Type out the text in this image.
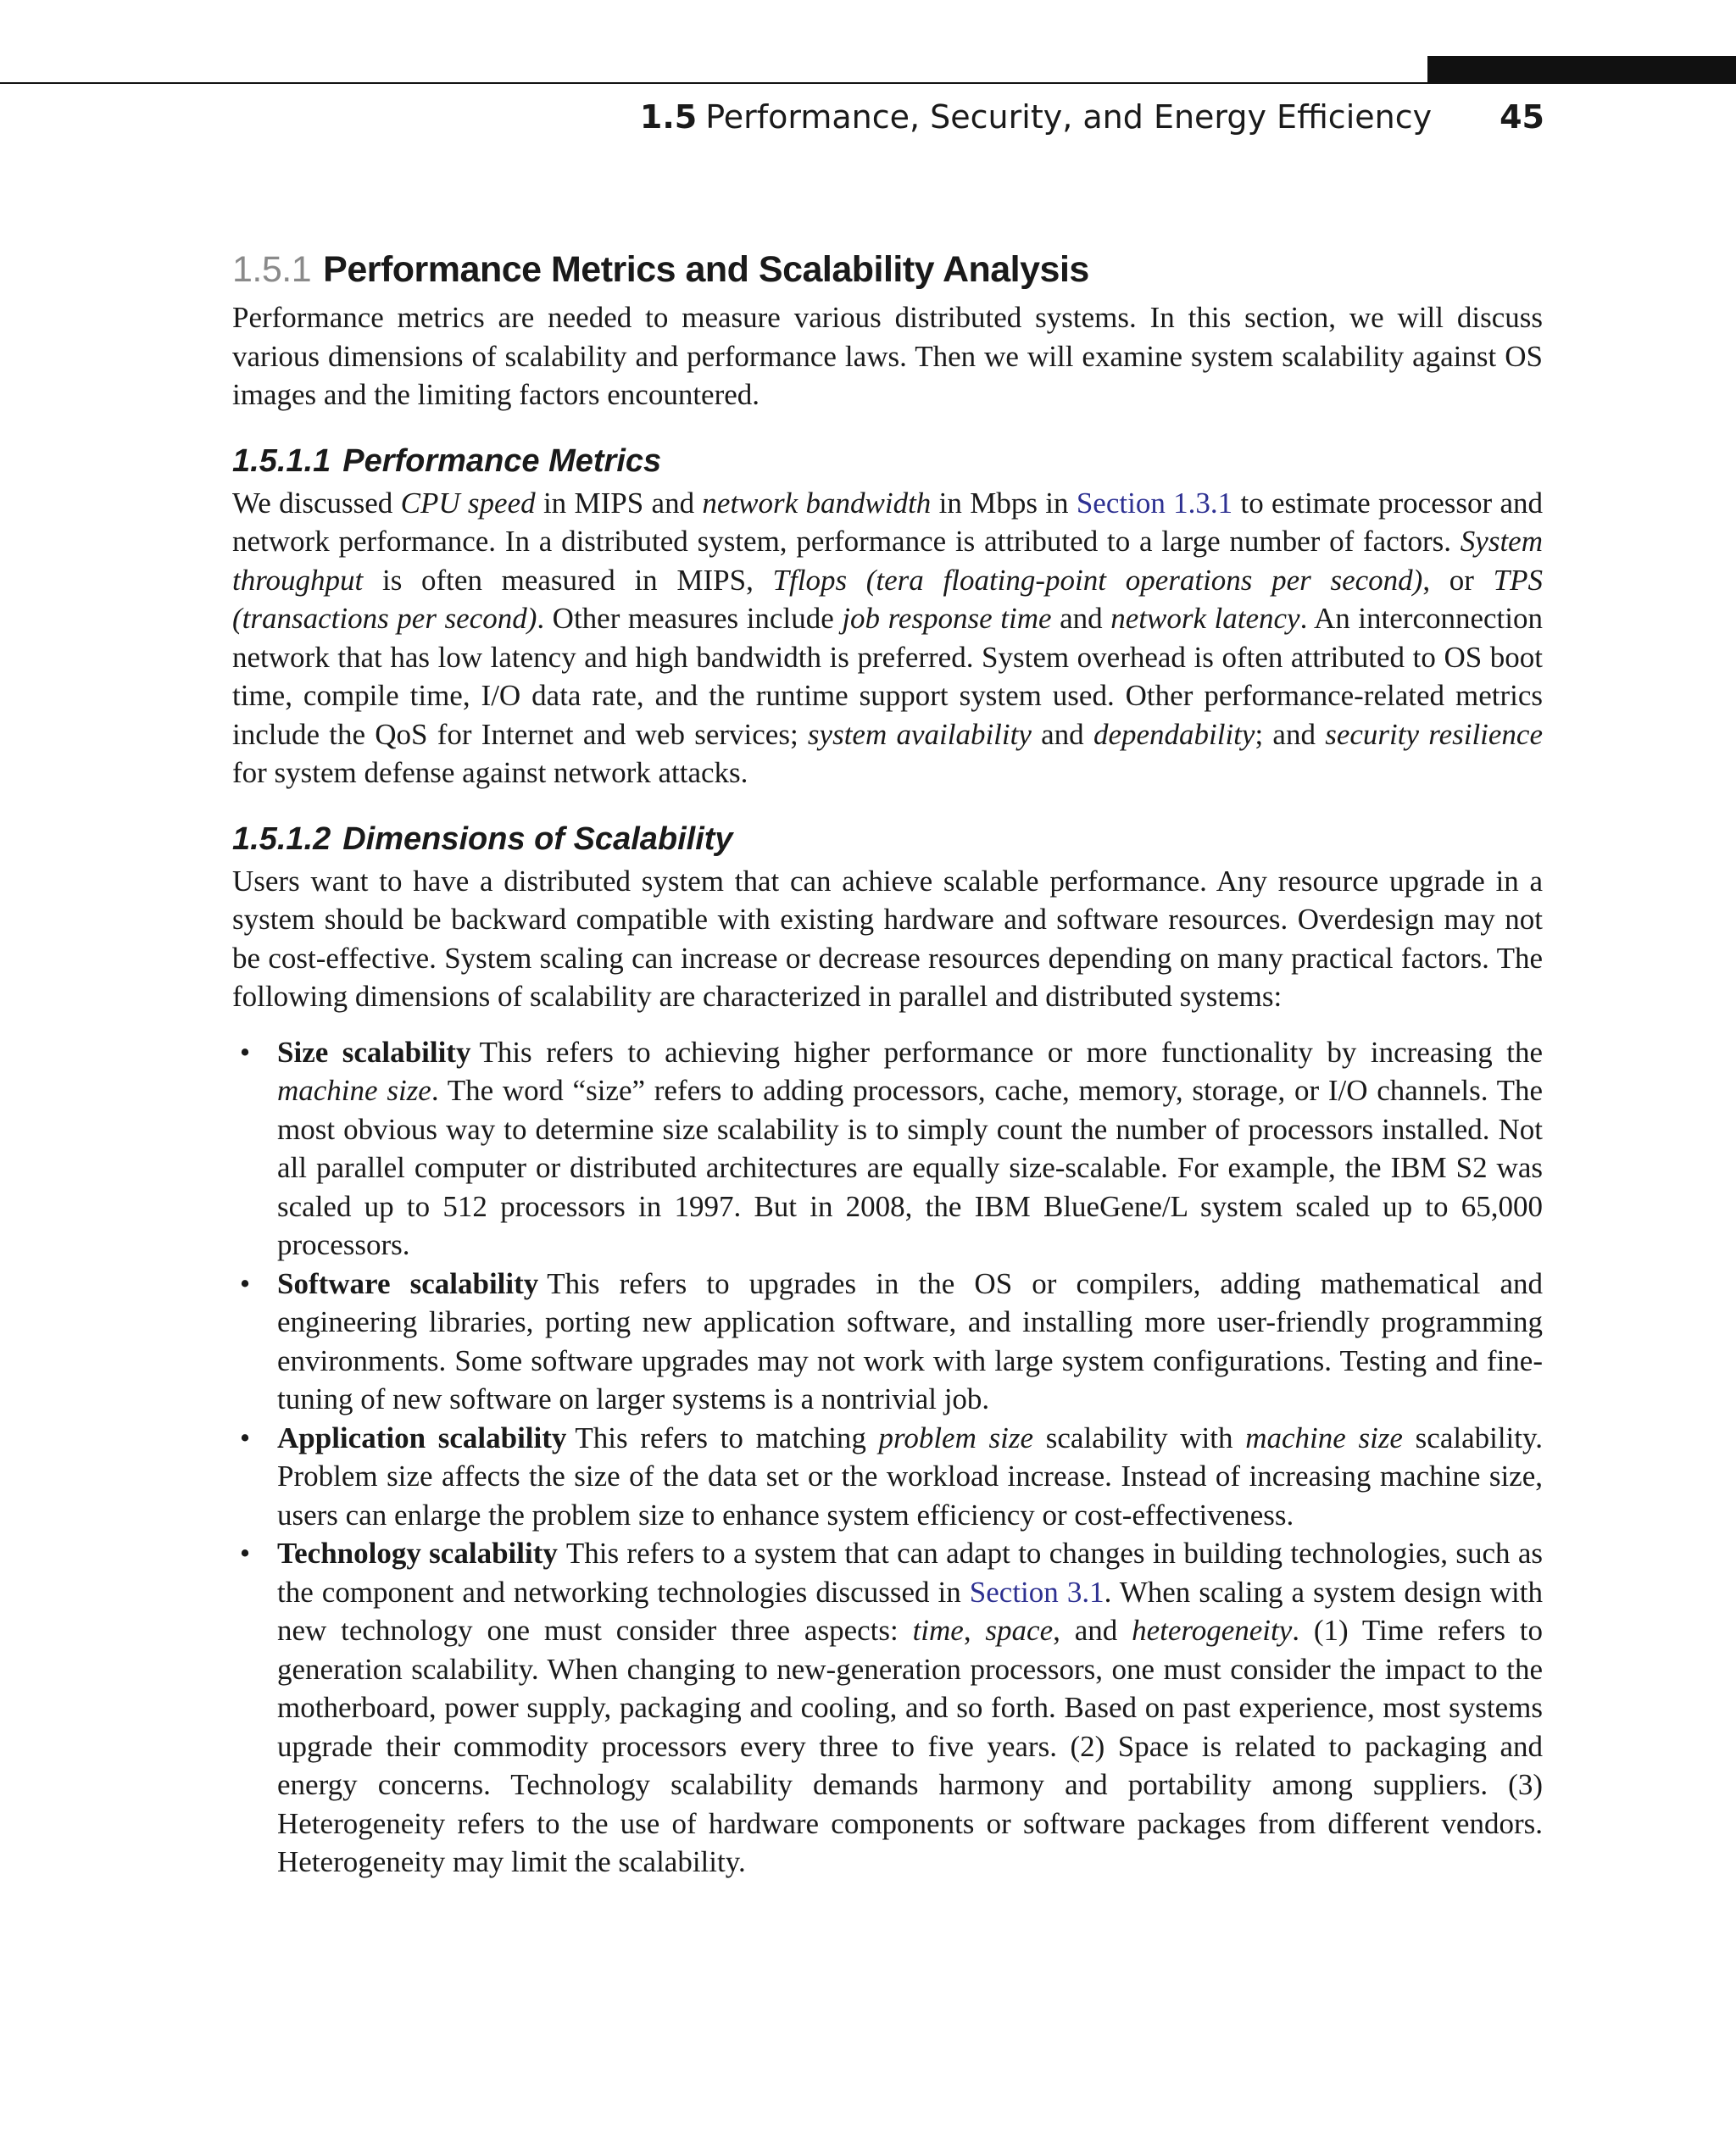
1.5 Performance, Security, and Energy Efficiency 45
1.5.1 Performance Metrics and Scalability Analysis

Performance metrics are needed to measure various distributed systems. In this section, we will discuss various dimensions of scalability and performance laws. Then we will examine system scalability against OS images and the limiting factors encountered.

1.5.1.1 Performance Metrics

We discussed CPU speed in MIPS and network bandwidth in Mbps in Section 1.3.1 to estimate processor and network performance. In a distributed system, performance is attributed to a large number of factors. System throughput is often measured in MIPS, Tflops (tera floating-point operations per second), or TPS (transactions per second). Other measures include job response time and network latency. An interconnection network that has low latency and high bandwidth is preferred. System overhead is often attributed to OS boot time, compile time, I/O data rate, and the runtime support system used. Other performance-related metrics include the QoS for Internet and web services; system availability and dependability; and security resilience for system defense against network attacks.

1.5.1.2 Dimensions of Scalability

Users want to have a distributed system that can achieve scalable performance. Any resource upgrade in a system should be backward compatible with existing hardware and software resources. Overdesign may not be cost-effective. System scaling can increase or decrease resources depending on many practical factors. The following dimensions of scalability are characterized in parallel and distributed systems:

• Size scalability This refers to achieving higher performance or more functionality by increasing the machine size. The word “size” refers to adding processors, cache, memory, storage, or I/O channels. The most obvious way to determine size scalability is to simply count the number of processors installed. Not all parallel computer or distributed architectures are equally size-scalable. For example, the IBM S2 was scaled up to 512 processors in 1997. But in 2008, the IBM BlueGene/L system scaled up to 65,000 processors.
• Software scalability This refers to upgrades in the OS or compilers, adding mathematical and engineering libraries, porting new application software, and installing more user-friendly programming environments. Some software upgrades may not work with large system configurations. Testing and fine-tuning of new software on larger systems is a nontrivial job.
• Application scalability This refers to matching problem size scalability with machine size scalability. Problem size affects the size of the data set or the workload increase. Instead of increasing machine size, users can enlarge the problem size to enhance system efficiency or cost-effectiveness.
• Technology scalability This refers to a system that can adapt to changes in building technologies, such as the component and networking technologies discussed in Section 3.1. When scaling a system design with new technology one must consider three aspects: time, space, and heterogeneity. (1) Time refers to generation scalability. When changing to new-generation processors, one must consider the impact to the motherboard, power supply, packaging and cooling, and so forth. Based on past experience, most systems upgrade their commodity processors every three to five years. (2) Space is related to packaging and energy concerns. Technology scalability demands harmony and portability among suppliers. (3) Heterogeneity refers to the use of hardware components or software packages from different vendors. Heterogeneity may limit the scalability.
